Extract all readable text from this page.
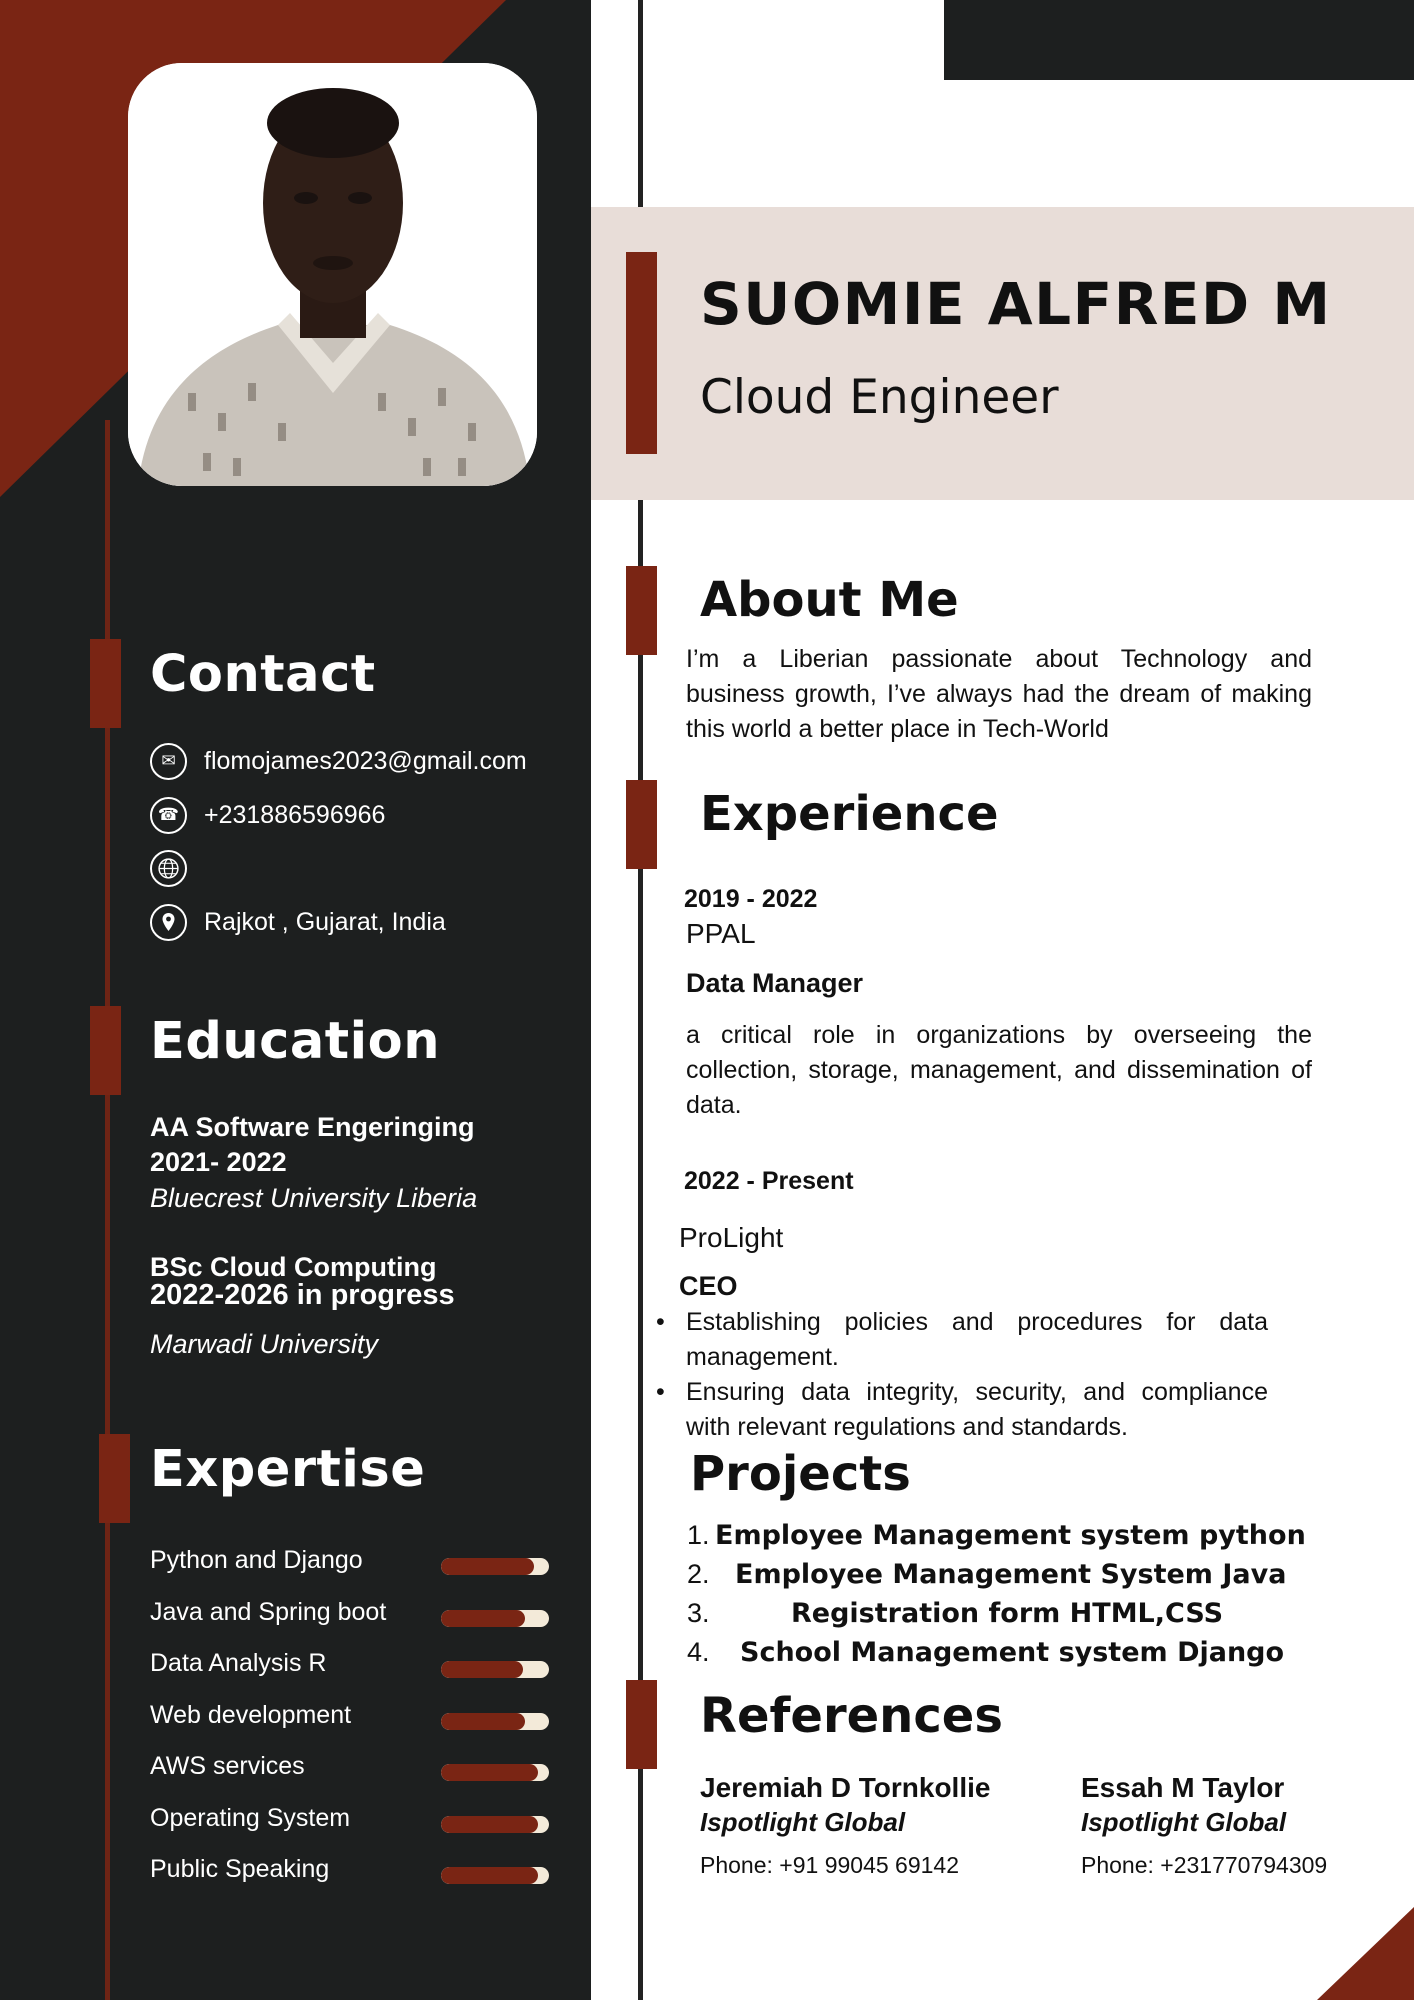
Contact
✉	flomojames2023@gmail.com
☎ +231886596966
Rajkot , Gujarat, India
Education
AA Software Engeringing
2021- 2022
Bluecrest University Liberia
BSc Cloud Computing
2022-2026 in progress
Marwadi University
Expertise
Python and Django
Java and Spring boot
Data Analysis R
Web development
AWS services
Operating System
Public Speaking
SUOMIE ALFRED M
Cloud Engineer
About Me
I’m a Liberian passionate about Technology and business growth, I’ve always had the dream of making this world a better place in Tech-World
Experience
2019 - 2022
PPAL
Data Manager
a critical role in organizations by overseeing the collection, storage, management, and dissemination of data.
2022 - Present
ProLight
CEO
• Establishing policies and procedures for data management.
• Ensuring data integrity, security, and compliance with relevant regulations and standards.
Projects
1. Employee Management system python
2. Employee Management System Java
3.	Registration form HTML,CSS
4. School Management system Django
References
Jeremiah D Tornkollie
Ispotlight Global
Phone: +91 99045 69142
Essah M Taylor
Ispotlight Global
Phone: +231770794309
